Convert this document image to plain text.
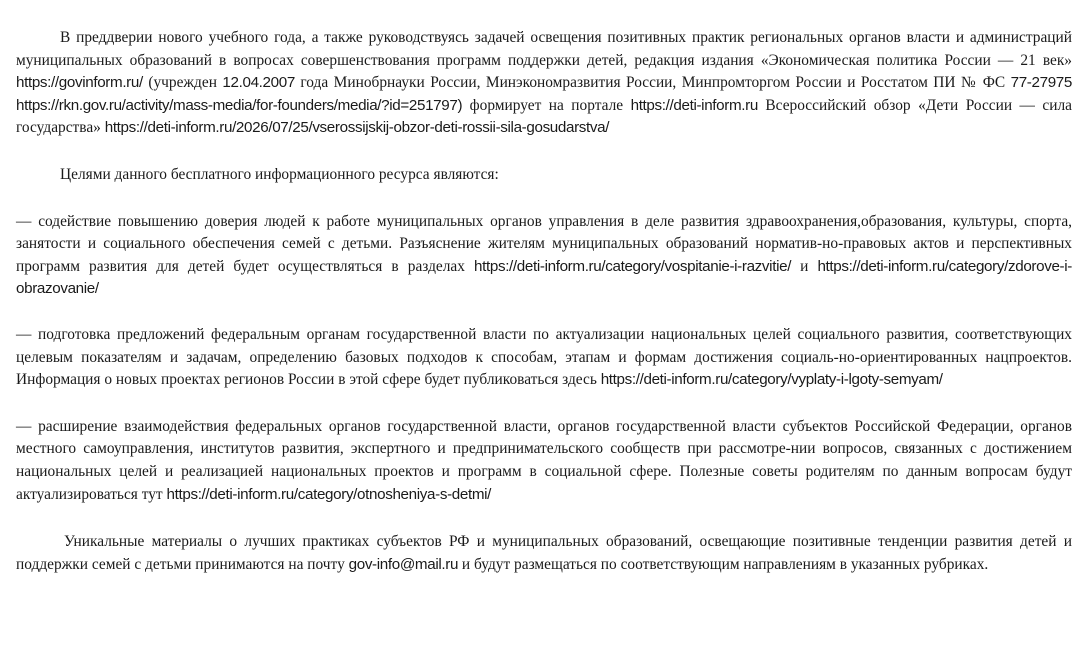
В преддверии нового учебного года, а также руководствуясь задачей освещения позитивных практик региональных органов власти и администраций муниципальных образований в вопросах совершенствования программ поддержки детей, редакция издания «Экономическая политика России — 21 век» https://govinform.ru/ (учрежден 12.04.2007 года Минобрнауки России, Минэкономразвития России, Минпромторгом России и Росстатом ПИ № ФС 77-27975 https://rkn.gov.ru/activity/mass-media/for-founders/media/?id=251797) формирует на портале https://deti-inform.ru Всероссийский обзор «Дети России — сила государства» https://deti-inform.ru/2026/07/25/vserossijskij-obzor-deti-rossii-sila-gosudarstva/

Целями данного бесплатного информационного ресурса являются:

— содействие повышению доверия людей к работе муниципальных органов управления в деле развития здравоохранения,образования, культуры, спорта, занятости и социального обеспечения семей с детьми. Разъяснение жителям муниципальных образований норматив-но-правовых актов и перспективных программ развития для детей будет осуществляться в разделах https://deti-inform.ru/category/vospitanie-i-razvitie/ и https://deti-inform.ru/category/zdorove-i-obrazovanie/

— подготовка предложений федеральным органам государственной власти по актуализации национальных целей социального развития, соответствующих целевым показателям и задачам, определению базовых подходов к способам, этапам и формам достижения социаль-но-ориентированных нацпроектов. Информация о новых проектах регионов России в этой сфере будет публиковаться здесь https://deti-inform.ru/category/vyplaty-i-lgoty-semyam/

— расширение взаимодействия федеральных органов государственной власти, органов государственной власти субъектов Российской Федерации, органов местного самоуправления, институтов развития, экспертного и предпринимательского сообществ при рассмотре-нии вопросов, связанных с достижением национальных целей и реализацией национальных проектов и программ в социальной сфере. Полезные советы родителям по данным вопросам будут актуализироваться тут https://deti-inform.ru/category/otnosheniya-s-detmi/

Уникальные материалы о лучших практиках субъектов РФ и муниципальных образований, освещающие позитивные тенденции развития детей и поддержки семей с детьми принимаются на почту gov-info@mail.ru и будут размещаться по соответствующим направлениям в указанных рубриках.
